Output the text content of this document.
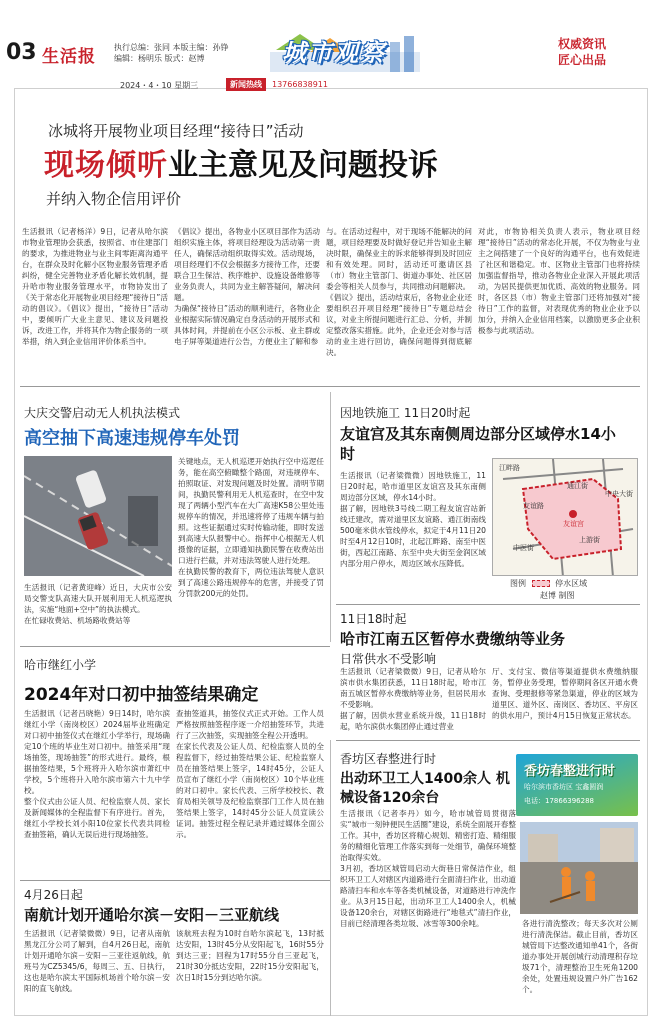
03 生活报 执行总编：张同 本版主编：孙铮
编辑：杨明乐 版式：赵博	城市观察	权威资讯
匠心出品
2024・4・10 星期三	新闻热线	13766838911
冰城将开展物业项目经理“接待日”活动
现场倾听业主意见及问题投诉
并纳入物企信用评价
生活报讯（记者杨洋）9日，记者从哈尔滨市物业管理协会获悉，按照省、市住建部门的要求，为推进物业与业主间零距离沟通平台，在群众及时化解小区物业服务管理矛盾纠纷，健全完善物业矛盾化解长效机制，提升哈市物业服务管理水平，市物协发出了《关于常态化开展物业项目经理“接待日”活动的倡议》。《倡议》提出，“接待日”活动中，要倾听广大业主意见、建议及问题投诉，改进工作，并将其作为物企服务的一项举措，纳入到企业信用评价体系当中。
《倡议》提出，各物业小区项目部作为活动组织实施主体，将项目经理设为活动第一责任人，确保活动组织取得实效。活动现场，项目经理们不仅会根据多方接待工作，还要联合卫生保洁、秩序维护、设施设备维修等业务负责人，共同为业主解答疑问，解决问题。
为确保“接待日”活动的顺利进行，各物业企业根据实际情况确定自身活动的开展形式和具体时间，并提前在小区公示板、业主群或电子屏等渠道进行公告，方便业主了解和参
与。在活动过程中，对于现场不能解决的问题，项目经理要及时做好登记并告知业主解决时限，确保业主的诉求能够得到及时回应和有效处理。同时，活动还可邀请区县（市）物业主管部门、街道办事处、社区居委会等相关人员参与，共同推动问题解决。
《倡议》提出，活动结束后，各物业企业还要组织召开项目经理“接待日”专题总结会议，对业主所提问题进行汇总、分析，并制定整改落实措施。此外，企业还会对参与活动的业主进行回访，确保问题得到彻底解决。
对此，市物协相关负责人表示，物业项目经理“接待日”活动的常态化开展，不仅为物业与业主之间搭建了一个良好的沟通平台，也有效促进了社区和谐稳定。市、区物业主管部门也将持续加强监督指导，推动各物业企业深入开展此项活动，为居民提供更加优质、高效的物业服务。同时，各区县（市）物业主管部门还将加强对“接待日”工作的监督，对表现优秀的物业企业予以加分，并纳入企业信用档案，以激励更多企业积极参与此项活动。
大庆交警启动无人机执法模式
高空抽下高速违规停车处罚
生活报讯（记者黄迎峰）近日，大庆市公安局交警支队高速大队开展利用无人机巡逻执法，实施“地面+空中”的执法模式。
在忙碌收费站、机场路收费站等
关键地点，无人机巡逻开始执行空中巡逻任务，能在高空俯瞰整个路面，对违规停车、拍照取证、对发现问题及时处置。清明节期间，执勤民警利用无人机巡查时，在空中发现了两辆小型汽车在大广高速K58公里处违规停车的情况，并迅速将停了违规车辆与拍照。这些证据通过实时传输动能，即时发送到高速大队报警中心。指挥中心根据无人机摄像的证据，立即通知执勤民警在收费站出口进行拦截，并对违法驾驶人进行处理。
在执勤民警的教育下，两位违法驾驶人意识到了高速公路违规停车的危害，并接受了罚分罚款200元的处罚。
因地铁施工 11日20时起
友谊宫及其东南侧周边部分区域停水14小时
生活报讯（记者梁微微）因地铁施工，11日20时起，哈市道里区友谊宫及其东南侧周边部分区域，停水14小时。
据了解，因地铁3号线二期工程友谊宫站新线迁建改，需对道里区友谊路、通江街南线500毫米供水管线停水，拟定于4月11日20时至4月12日10时，北起江畔路、南至中医街，西起江南路、东至中央大街至金润区域内部分用户停水，周边区域水压降低。
江畔路
友谊路
通江街
中医街
中央大街
上游街
友谊宫
图例	停水区域
赵博 制图
11日18时起
哈市江南五区暂停水费缴纳等业务
日常供水不受影响
生活报讯（记者梁微微）9日，记者从哈尔滨市供水集团获悉，11日18时起，哈市江南五城区暂停水费缴纳等业务，但居民用水不受影响。
据了解，因供水营业系统升级，11日18时起，哈尔滨供水集团停止通过营业
厅、支付宝、微信等渠道提供水费缴纳服务，暂停业务受理，暂停期间各区开通水费查询、受理报修等紧急渠道，停业的区域为道里区、道外区、南岗区、香坊区、平房区的供水用户，预计4月15日恢复正常状态。
哈市继红小学
2024年对口初中抽签结果确定
生活报讯（记者吕晓艳）9日14时，哈尔滨继红小学（南岗校区）2024届毕业班确定对口初中抽签仪式在继红小学举行，现场确定10个班的毕业生对口初中。抽签采用“现场抽签，现场抽签”的形式进行。最终，根据抽签结果，5个班将升入哈尔滨市萧红中学校，5个班将升入哈尔滨市第六十九中学校。
整个仪式由公证人员、纪检监察人员、家长及新闻媒体的全程监督下有序进行。首先，继红小学校长刘小阳10位家长代表共同检查抽签箱，确认无误后进行现场抽签。
查抽签道具，抽签仪式正式开始。工作人员严格按照抽签程序逐一介绍抽签环节，共进行了三次抽签，实现抽签全程公开透明。
在家长代表及公证人员、纪检监察人员的全程监督下，经过抽签结果公证、纪检监察人员在抽签结果上签字，14时45分，公证人员宣布了继红小学（南岗校区）10个毕业班的对口初中。家长代表、三所学校校长、教育局相关领导及纪检监察部门工作人员在抽签结果上签字，14时45分公证人员宣读公证词。抽签过程全程记录并通过媒体全面公示。
4月26日起
南航计划开通哈尔滨－安阳－三亚航线
生活报讯（记者梁微微）9日，记者从南航黑龙江分公司了解到，自4月26日起，南航计划开通哈尔滨－安阳－三亚往返航线，航班号为CZ5345/6，每周三、五、日执行，这也是哈尔滨太平国际机场首个哈尔滨－安阳的直飞航线。
该航班去程为10时自哈尔滨起飞，13时抵达安阳，13时45分从安阳起飞，16时55分到达三亚；回程为17时55分自三亚起飞，21时30分抵达安阳，22时15分安阳起飞，次日1时15分到达哈尔滨。
香坊区春整进行时
出动环卫工人1400余人 机械设备120余台
香坊春整进行时
哈尔滨市香坊区 宝鑫圆润
电话：17866396288
生活报讯（记者李丹）如今，哈市城管局贯彻落实“城市一刻钟便民生活圈”建设，系统全面展开春整工作。其中，香坊区将精心规划、精密打造、精细服务的精细化管理工作落实到每一处细节，确保环境整治取得实效。
3月初，香坊区城管局启动大街巷日常保洁作业，组织环卫工人对辖区内道路进行全面清扫作业，出动道路清扫车和水车等各类机械设备，对道路进行冲洗作业。从3月15日起，出动环卫工人1400余人，机械设备120余台，对辖区街路进行“地毯式”清扫作业，目前已经清理各类垃圾、冰雪等300余吨。	各进行清洗整改；每天多次对公厕进行清洗保洁。截止目前，香坊区城管局下达整改通知单41个，各街道办事处开展创城行动清理积存垃圾71个，清理整治卫生死角1200余处，处置违规设置户外广告162个。
